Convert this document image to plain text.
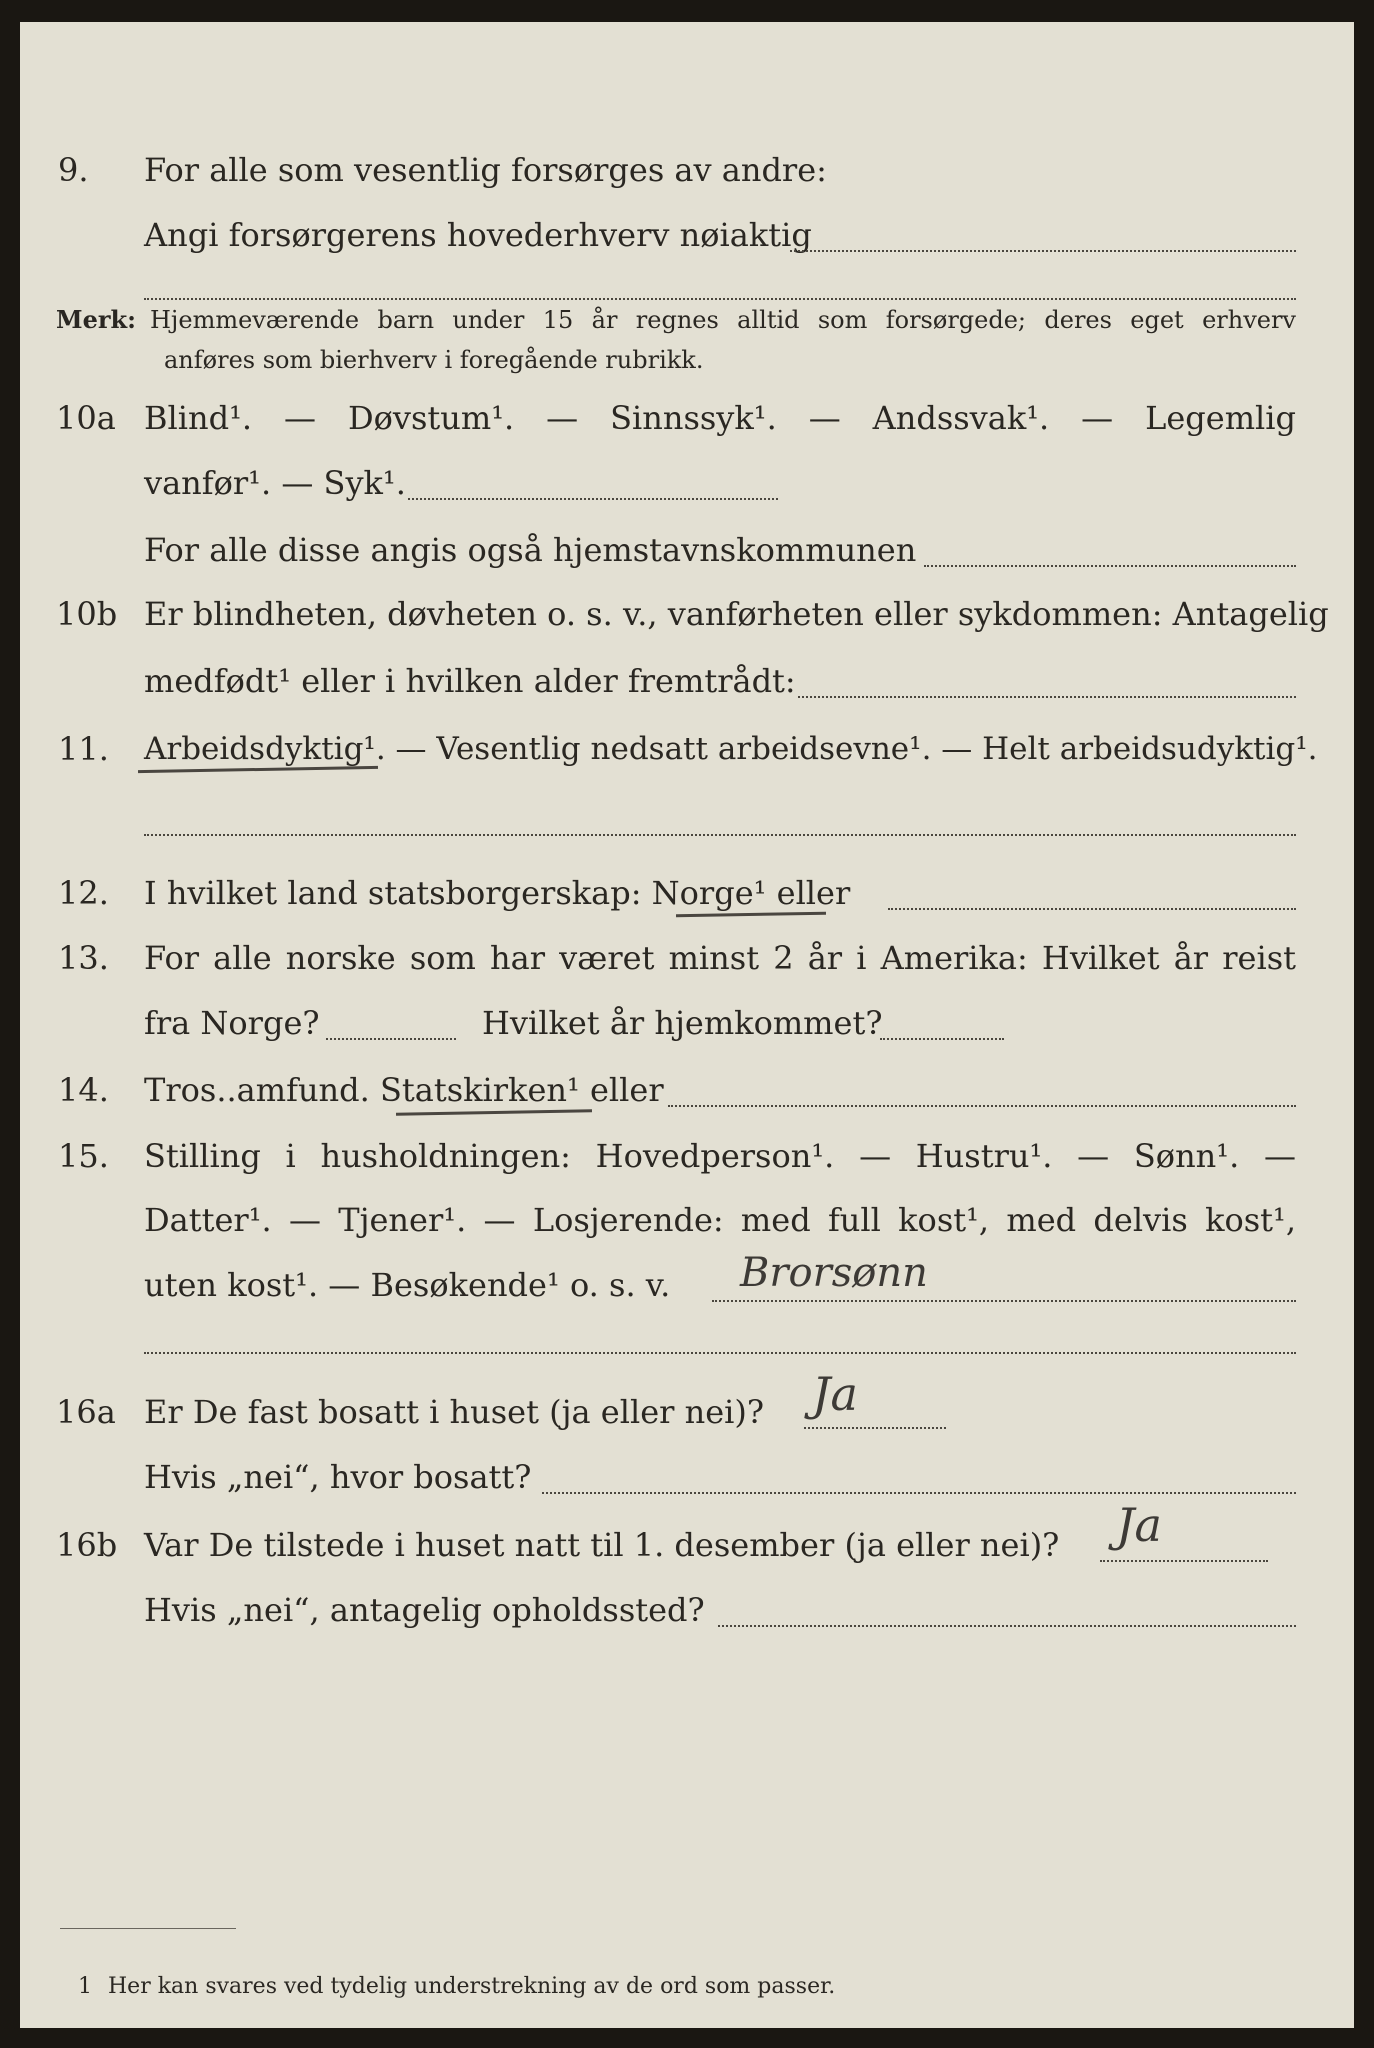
9. For alle som vesentlig forsørges av andre:
Angi forsørgerens hovederhverv nøiaktig
Merk: Hjemmeværende barn under 15 år regnes alltid som forsørgede; deres eget erhverv
anføres som bierhverv i foregående rubrikk.
10a Blind¹. — Døvstum¹. — Sinnssyk¹. — Andssvak¹. — Legemlig
vanfør¹. — Syk¹.
For alle disse angis også hjemstavnskommunen
10b Er blindheten, døvheten o. s. v., vanførheten eller sykdommen: Antagelig
medfødt¹ eller i hvilken alder fremtrådt:
11. Arbeidsdyktig¹. — Vesentlig nedsatt arbeidsevne¹. — Helt arbeidsudyktig¹.
12. I hvilket land statsborgerskap: Norge¹ eller
13. For alle norske som har været minst 2 år i Amerika: Hvilket år reist
fra Norge?	Hvilket år hjemkommet?
14. Tros..amfund. Statskirken¹ eller
15. Stilling i husholdningen: Hovedperson¹. — Hustru¹. — Sønn¹. —
Datter¹. — Tjener¹. — Losjerende: med full kost¹, med delvis kost¹,
uten kost¹. — Besøkende¹ o. s. v. Brorsønn
16a Er De fast bosatt i huset (ja eller nei)? Ja
Hvis „nei“, hvor bosatt?
16b Var De tilstede i huset natt til 1. desember (ja eller nei)? Ja
Hvis „nei“, antagelig opholdssted?
1 Her kan svares ved tydelig understrekning av de ord som passer.
